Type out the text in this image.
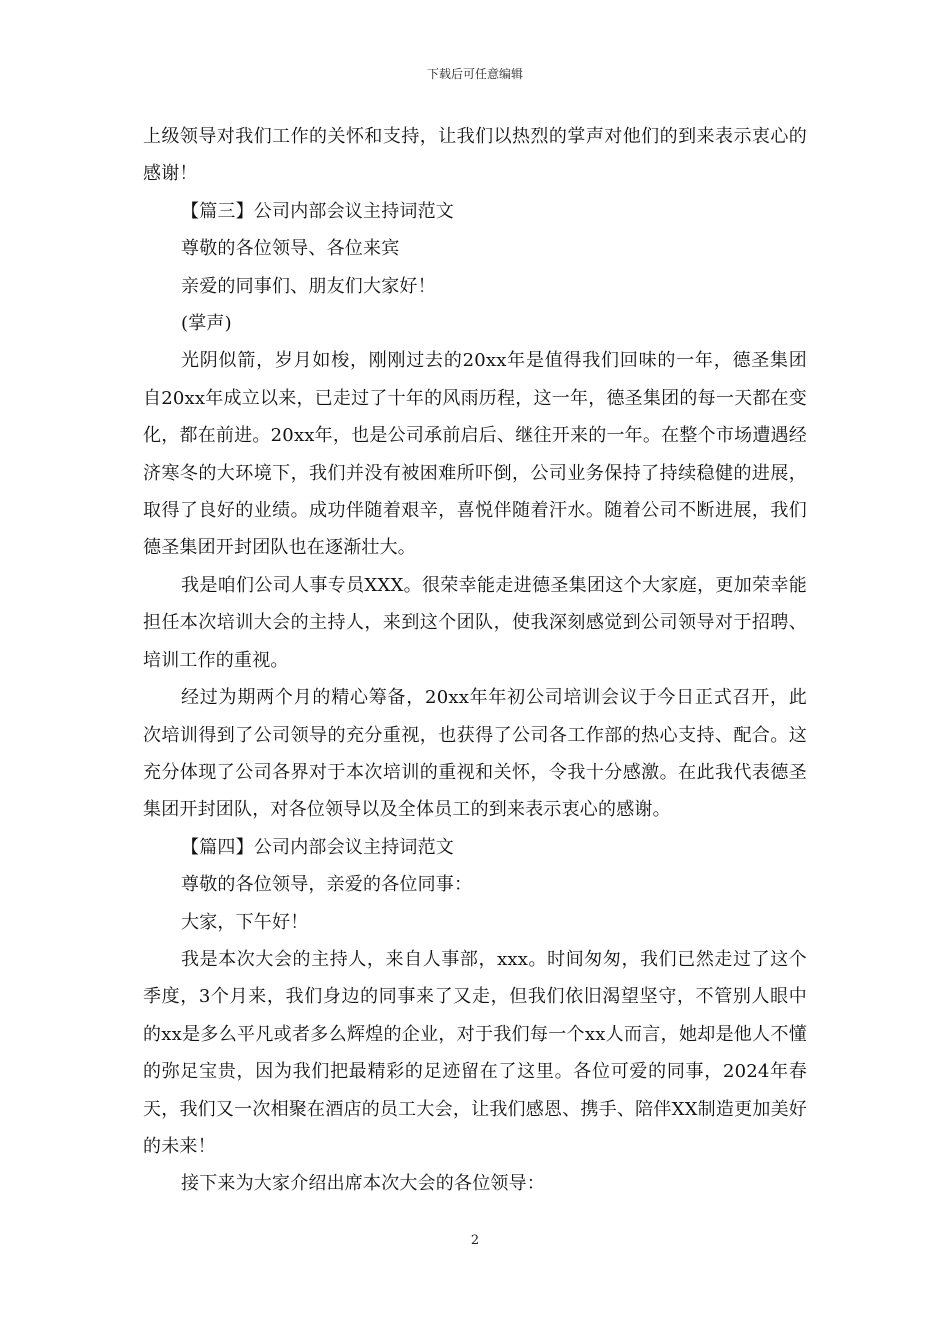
下载后可任意编辑

上级领导对我们工作的关怀和支持，让我们以热烈的掌声对他们的到来表示衷心的感谢！

【篇三】公司内部会议主持词范文

尊敬的各位领导、各位来宾

亲爱的同事们、朋友们大家好！

(掌声)

光阴似箭，岁月如梭，刚刚过去的20xx年是值得我们回味的一年，德圣集团自20xx年成立以来，已走过了十年的风雨历程，这一年，德圣集团的每一天都在变化，都在前进。20xx年，也是公司承前启后、继往开来的一年。在整个市场遭遇经济寒冬的大环境下，我们并没有被困难所吓倒，公司业务保持了持续稳健的进展，取得了良好的业绩。成功伴随着艰辛，喜悦伴随着汗水。随着公司不断进展，我们德圣集团开封团队也在逐渐壮大。

我是咱们公司人事专员XXX。很荣幸能走进德圣集团这个大家庭，更加荣幸能担任本次培训大会的主持人，来到这个团队，使我深刻感觉到公司领导对于招聘、培训工作的重视。

经过为期两个月的精心筹备，20xx年年初公司培训会议于今日正式召开，此次培训得到了公司领导的充分重视，也获得了公司各工作部的热心支持、配合。这充分体现了公司各界对于本次培训的重视和关怀，令我十分感激。在此我代表德圣集团开封团队，对各位领导以及全体员工的到来表示衷心的感谢。

【篇四】公司内部会议主持词范文

尊敬的各位领导，亲爱的各位同事：

大家，下午好！

我是本次大会的主持人，来自人事部，xxx。时间匆匆，我们已然走过了这个季度，3个月来，我们身边的同事来了又走，但我们依旧渴望坚守，不管别人眼中的xx是多么平凡或者多么辉煌的企业，对于我们每一个xx人而言，她却是他人不懂的弥足宝贵，因为我们把最精彩的足迹留在了这里。各位可爱的同事，2024年春天，我们又一次相聚在酒店的员工大会，让我们感恩、携手、陪伴XX制造更加美好的未来！

接下来为大家介绍出席本次大会的各位领导：

2
